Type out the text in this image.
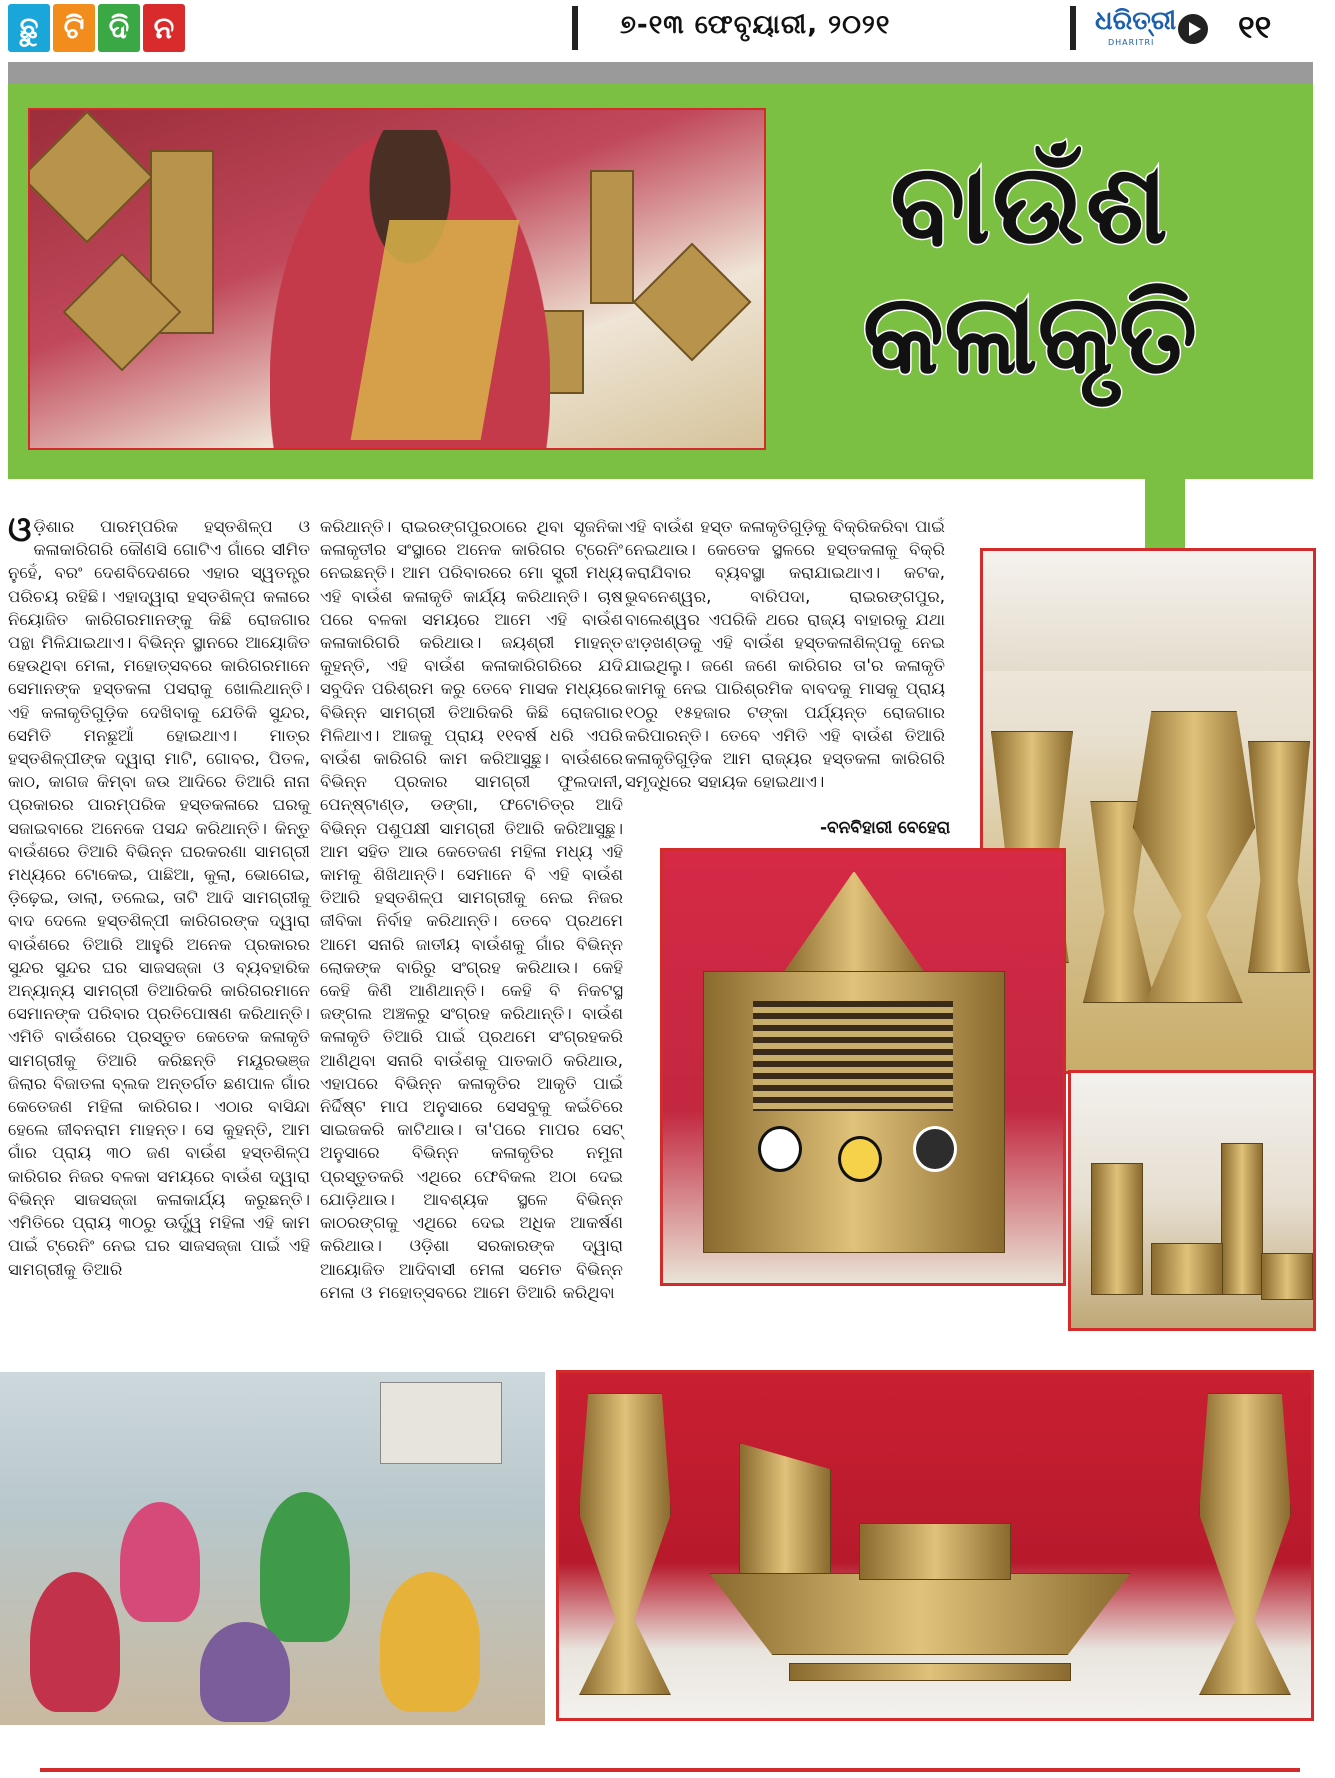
ଛୁ ଟି ଦି ନ	୭-୧୩ ଫେବୃୟାରୀ, ୨୦୨୧	ଧରିତ୍ରୀ
DHARITRI	୧୧
ବାଉଁଶ
କଳାକୃତି
ଓଡ଼ିଶାର ପାରମ୍ପରିକ ହସ୍ତଶିଳ୍ପ ଓ କଳାକାରିଗରି କୌଣସି ଗୋଟିଏ ଗାଁରେ ସୀମିତ ନୁହେଁ, ବରଂ ଦେଶବିଦେଶରେ ଏହାର ସ୍ୱତନ୍ତ୍ର ପରିଚୟ ରହିଛି। ଏହାଦ୍ୱାରା ହସ୍ତଶିଳ୍ପ କଳାରେ ନିୟୋଜିତ କାରିଗରମାନଙ୍କୁ କିଛି ରୋଜଗାର ପନ୍ଥା ମିଳିଯାଇଥାଏ। ବିଭିନ୍ନ ସ୍ଥାନରେ ଆୟୋଜିତ ହେଉଥିବା ମେଳା, ମହୋତ୍ସବରେ କାରିଗରମାନେ ସେମାନଙ୍କ ହସ୍ତକଳା ପସରାକୁ ଖୋଲିଥାନ୍ତି। ଏହି କଳାକୃତିଗୁଡ଼ିକ ଦେଖିବାକୁ ଯେତିକି ସୁନ୍ଦର, ସେମିତି ମନଛୁଆଁ ହୋଇଥାଏ। ମାତ୍ର ହସ୍ତଶିଳ୍ପୀଙ୍କ ଦ୍ୱାରା ମାଟି, ଗୋବର, ପିତଳ, କାଠ, କାଗଜ କିମ୍ବା ଜଉ ଆଦିରେ ତିଆରି ନାନା ପ୍ରକାରର ପାରମ୍ପରିକ ହସ୍ତକଳାରେ ଘରକୁ ସଜାଇବାରେ ଅନେକେ ପସନ୍ଦ କରିଥାନ୍ତି। କିନ୍ତୁ ବାଉଁଶରେ ତିଆରି ବିଭିନ୍ନ ଘରକରଣା ସାମଗ୍ରୀ ମଧ୍ୟରେ ଟୋକେଇ, ପାଛିଆ, କୁଲା, ଭୋଗେଇ, ଡ଼ିଢ଼େଇ, ଡାଲା, ତଲେଇ, ତାଟି ଆଦି ସାମଗ୍ରୀକୁ ବାଦ ଦେଲେ ହସ୍ତଶିଳ୍ପୀ କାରିଗରଙ୍କ ଦ୍ୱାରା ବାଉଁଶରେ ତିଆରି ଆହୁରି ଅନେକ ପ୍ରକାରର ସୁନ୍ଦର ସୁନ୍ଦର ଘର ସାଜସଜ୍ଜା ଓ ବ୍ୟବହାରିକ ଅନ୍ୟାନ୍ୟ ସାମଗ୍ରୀ ତିଆରିକରି କାରିଗରମାନେ ସେମାନଙ୍କ ପରିବାର ପ୍ରତିପୋଷଣ କରିଥାନ୍ତି। ଏମିତି ବାଉଁଶରେ ପ୍ରସ୍ତୁତ କେତେକ କଳାକୃତି ସାମଗ୍ରୀକୁ ତିଆରି କରିଛନ୍ତି ମୟୂରଭଞ୍ଜ ଜିଲାର ବିଜାତଳା ବ୍ଲକ ଅନ୍ତର୍ଗତ ଛଣପାଳ ଗାଁର କେତେଜଣ ମହିଳା କାରିଗର। ଏଠାର ବାସିନ୍ଦା ହେଲେ ଜୀବନରାମ ମାହନ୍ତ। ସେ କୁହନ୍ତି, ଆମ ଗାଁର ପ୍ରାୟ ୩୦ ଜଣ ବାଉଁଶ ହସ୍ତଶିଳ୍ପ କାରିଗର ନିଜର ବଳକା ସମୟରେ ବାଉଁଶ ଦ୍ୱାରା ବିଭିନ୍ନ ସାଜସଜ୍ଜା କଳାକାର୍ଯ୍ୟ କରୁଛନ୍ତି। ଏମିତିରେ ପ୍ରାୟ ୩୦ରୁ ଊର୍ଦ୍ଧ୍ୱ ମହିଳା ଏହି କାମ ପାଇଁ ଟ୍ରେନିଂ ନେଇ ଘର ସାଜସଜ୍ଜା ପାଇଁ ଏହି ସାମଗ୍ରୀକୁ ତିଆରି
କରିଥାନ୍ତି। ରାଇରଙ୍ଗପୁରଠାରେ ଥିବା ସୃଜନିକା କଳାକୃତୀର ସଂସ୍ଥାରେ ଅନେକ କାରିଗର ଟ୍ରେନିଂ ନେଇଛନ୍ତି। ଆମ ପରିବାରରେ ମୋ ସ୍ତ୍ରୀ ମଧ୍ୟ ଏହି ବାଉଁଶ କଳାକୃତି କାର୍ଯ୍ୟ କରିଥାନ୍ତି। ଚାଷ ପରେ ବଳକା ସମୟରେ ଆମେ ଏହି ବାଉଁଶ କଳାକାରିଗରି କରିଥାଉ। ଜୟଶ୍ରୀ ମାହନ୍ତ କୁହନ୍ତି, ଏହି ବାଉଁଶ କଳାକାରିଗରିରେ ଯଦି ସବୁଦିନ ପରିଶ୍ରମ କରୁ ତେବେ ମାସକ ମଧ୍ୟରେ ବିଭିନ୍ନ ସାମଗ୍ରୀ ତିଆରିକରି କିଛି ରୋଜଗାର ମିଳିଥାଏ। ଆଜକୁ ପ୍ରାୟ ୧୧ବର୍ଷ ଧରି ଏପରି ବାଉଁଶ କାରିଗରି କାମ କରିଆସୁଛୁ। ବାଉଁଶରେ ବିଭିନ୍ନ ପ୍ରକାର ସାମଗ୍ରୀ ଫୁଲଦାନୀ, ପେନ୍‌ଷ୍ଟାଣ୍ଡ, ଡଙ୍ଗା, ଫଟୋଚିତ୍ର ଆଦି ବିଭିନ୍ନ ପଶୁପକ୍ଷୀ ସାମଗ୍ରୀ ତିଆରି କରିଆସୁଛୁ। ଆମ ସହିତ ଆଉ କେତେଜଣ ମହିଳା ମଧ୍ୟ ଏହି କାମକୁ ଶିଖିଥାନ୍ତି। ସେମାନେ ବି ଏହି ବାଉଁଶ ତିଆରି ହସ୍ତଶିଳ୍ପ ସାମଗ୍ରୀକୁ ନେଇ ନିଜର ଜୀବିକା ନିର୍ବାହ କରିଥାନ୍ତି। ତେବେ ପ୍ରଥମେ ଆମେ ସନାରି ଜାତୀୟ ବାଉଁଶକୁ ଗାଁର ବିଭିନ୍ନ ଲୋକଙ୍କ ବାରିରୁ ସଂଗ୍ରହ କରିଥାଉ। କେହି କେହି କିଣି ଆଣିଥାନ୍ତି। କେହି ବି ନିକଟସ୍ଥ ଜଙ୍ଗଲ ଅଞ୍ଚଳରୁ ସଂଗ୍ରହ କରିଥାନ୍ତି। ବାଉଁଶ କଳାକୃତି ତିଆରି ପାଇଁ ପ୍ରଥମେ ସଂଗ୍ରହକରି ଆଣିଥିବା ସନାରି ବାଉଁଶକୁ ପାତକାଠି କରିଥାଉ, ଏହାପରେ ବିଭିନ୍ନ କଳାକୃତିର ଆକୃତି ପାଇଁ ନିର୍ଦ୍ଦିଷ୍ଟ ମାପ ଅନୁସାରେ ସେସବୁକୁ କଇଁଚିରେ ସାଇଜକରି କାଟିଥାଉ। ତା'ପରେ ମାପର ସେଟ୍ ଅନୁସାରେ ବିଭିନ୍ନ କଳାକୃତିର ନମୁନା ପ୍ରସ୍ତୁତକରି ଏଥିରେ ଫେବିକଲ ଅଠା ଦେଇ ଯୋଡ଼ିଥାଉ। ଆବଶ୍ୟକ ସ୍ଥଳେ ବିଭିନ୍ନ କାଠରଙ୍ଗକୁ ଏଥିରେ ଦେଇ ଅଧିକ ଆକର୍ଷଣ କରିଥାଉ। ଓଡ଼ିଶା ସରକାରଙ୍କ ଦ୍ୱାରା ଆୟୋଜିତ ଆଦିବାସୀ ମେଳା ସମେତ ବିଭିନ୍ନ ମେଳା ଓ ମହୋତ୍ସବରେ ଆମେ ତିଆରି କରିଥିବା
ଏହି ବାଉଁଶ ହସ୍ତ କଳାକୃତିଗୁଡ଼ିକୁ ବିକ୍ରିକରିବା ପାଇଁ ନେଇଥାଉ। କେତେକ ସ୍ଥଳରେ ହସ୍ତକଳାକୁ ବିକ୍ରି କରାଯିବାର ବ୍ୟବସ୍ଥା କରାଯାଇଥାଏ। କଟକ, ଭୁବନେଶ୍ୱର, ବାରିପଦା, ରାଇରଙ୍ଗପୁର, ବାଲେଶ୍ୱର ଏପରିକି ଥରେ ରାଜ୍ୟ ବାହାରକୁ ଯଥା ଝାଡ଼ଖଣ୍ଡକୁ ଏହି ବାଉଁଶ ହସ୍ତକଳାଶିଳ୍ପକୁ ନେଇ ଯାଇଥିଲୁ। ଜଣେ ଜଣେ କାରିଗର ତା'ର କଳାକୃତି କାମକୁ ନେଇ ପାରିଶ୍ରମିକ ବାବଦକୁ ମାସକୁ ପ୍ରାୟ ୧୦ରୁ ୧୫ହଜାର ଟଙ୍କା ପର୍ଯ୍ୟନ୍ତ ରୋଜଗାର କରିପାରନ୍ତି। ତେବେ ଏମିତି ଏହି ବାଉଁଶ ତିଆରି କଳାକୃତିଗୁଡ଼ିକ ଆମ ରାଜ୍ୟର ହସ୍ତକଳା କାରିଗରି ସମୃଦ୍ଧିରେ ସହାୟକ ହୋଇଥାଏ।
-ବନବିହାରୀ ବେହେରା
